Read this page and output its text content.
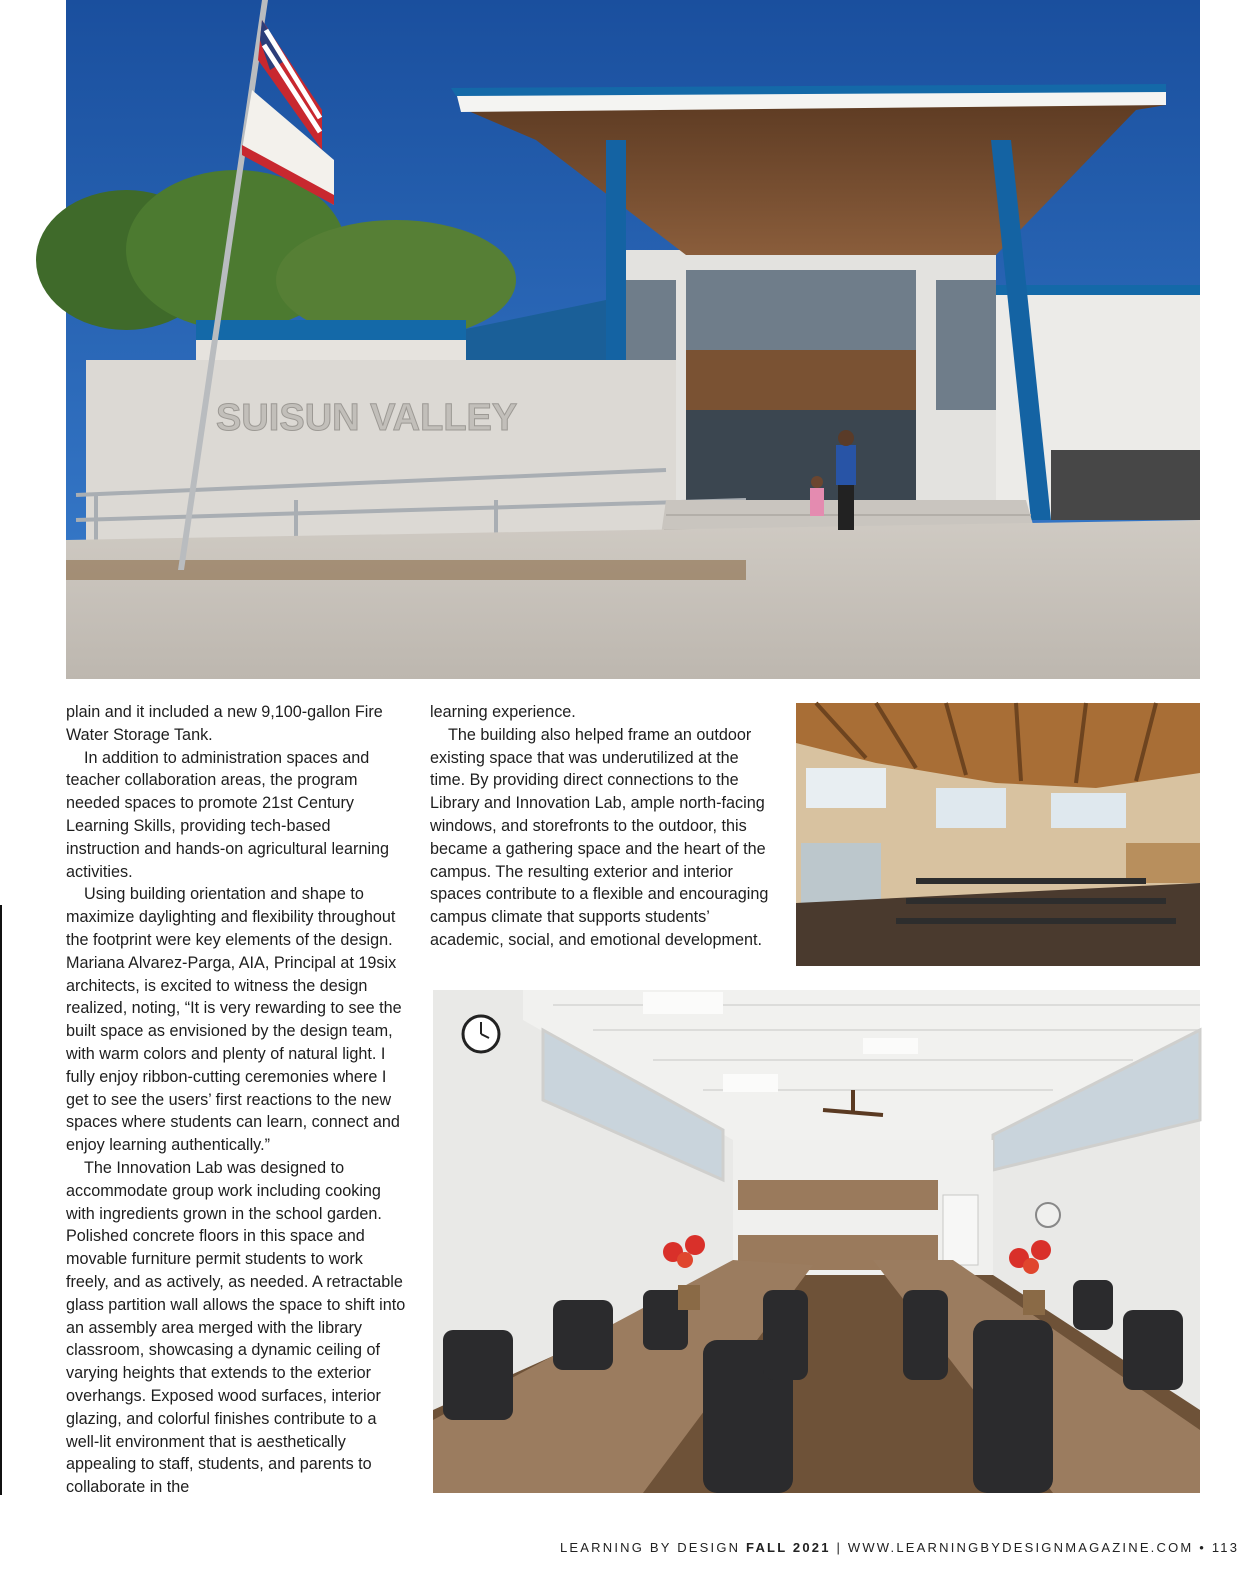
SUISUN VALLEY

plain and it included a new 9,100-gallon Fire Water Storage Tank.

In addition to administration spaces and teacher collaboration areas, the program needed spaces to promote 21st Century Learning Skills, providing tech-based instruction and hands-on agricultural learning activities.

Using building orientation and shape to maximize daylighting and flexibility throughout the footprint were key elements of the design. Mariana Alvarez-Parga, AIA, Principal at 19six architects, is excited to witness the design realized, noting, “It is very rewarding to see the built space as envisioned by the design team, with warm colors and plenty of natural light. I fully enjoy ribbon-cutting ceremonies where I get to see the users’ first reactions to the new spaces where students can learn, connect and enjoy learning authentically.”

The Innovation Lab was designed to accommodate group work including cooking with ingredients grown in the school garden. Polished concrete floors in this space and movable furniture permit students to work freely, and as actively, as needed. A retractable glass partition wall allows the space to shift into an assembly area merged with the library classroom, showcasing a dynamic ceiling of varying heights that extends to the exterior overhangs. Exposed wood surfaces, interior glazing, and colorful finishes contribute to a well-lit environment that is aesthetically appealing to staff, students, and parents to collaborate in the

learning experience.

The building also helped frame an outdoor existing space that was underutilized at the time. By providing direct connections to the Library and Innovation Lab, ample north-facing windows, and storefronts to the outdoor, this became a gathering space and the heart of the campus. The resulting exterior and interior spaces contribute to a flexible and encouraging campus climate that supports students’ academic, social, and emotional development.

LEARNING BY DESIGN FALL 2021 | WWW.LEARNINGBYDESIGNMAGAZINE.COM • 113
